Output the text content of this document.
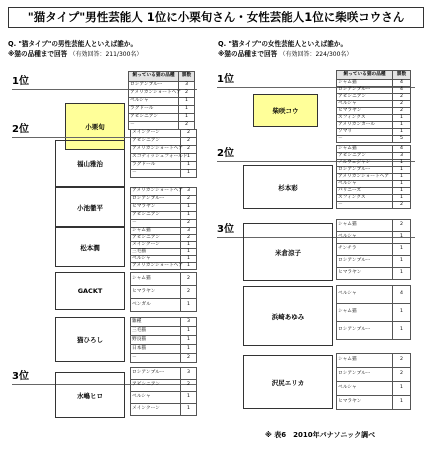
"猫タイプ"男性芸能人 1位に小栗旬さん・女性芸能人1位に柴咲コウさん
Q. "猫タイプ"の男性芸能人といえば誰か。
※猫の品種まで回答 （有効回答：211/300名）
Q. "猫タイプ"の女性芸能人といえば誰か。
※猫の品種まで回答 （有効回答：224/300名）
1位
小栗旬
飼っている猫の品種	票数
ロシアンブルー	3
アメリカンショートヘア	2
ペルシャ	1
ラグドール	1
アビシニアン	1
－	2
2位
福山雅治
メインクーン	2
アビシニアン	2
アメリカンショートヘア	2
スコティッシュフォールド	1
ラグドール	1
－	1
小池徹平
アメリカンショートヘア	3
ロシアンブルー	2
ヒマラヤン	1
アビシニアン	1
－	2
松本潤
シャム猫	3
アビシニアン	2
メインクーン	1
三毛猫	1
ペルシャ	1
アメリカンショートヘア	1
GACKT
シャム猫	2
ヒマラヤン	2
ベンガル	1
猫ひろし
雑種	3
三毛猫	1
野良猫	1
日本猫	1
－	2
3位
水嶋ヒロ
ロシアンブルー	3
アビシニアン	2
ペルシャ	1
メインクーン	1
1位
柴咲コウ
飼っている猫の品種	票数
シャム猫	4
ロシアンブルー	4
アビシニアン	2
ペルシャ	2
ヒマラヤン	2
スフィンクス	1
アメリカンカール	1
ソマリ	1
－	5
2位
杉本彩
シャム猫	4
アビシニアン	3
ノルウェジャン	1
ロシアンブルー	1
アメリカンショートヘア	1
ペルシャ	1
バリニーズ	1
スフィンクス	1
－	2
3位
米倉涼子
シャム猫	2
ペルシャ	1
チンチラ	1
ロシアンブルー	1
ヒマラヤン	1
浜崎あゆみ
ペルシャ	4
シャム猫	1
ロシアンブルー	1
沢尻エリカ
シャム猫	2
ロシアンブルー	2
ペルシャ	1
ヒマラヤン	1
※ 表6　2010年パナソニック調べ
